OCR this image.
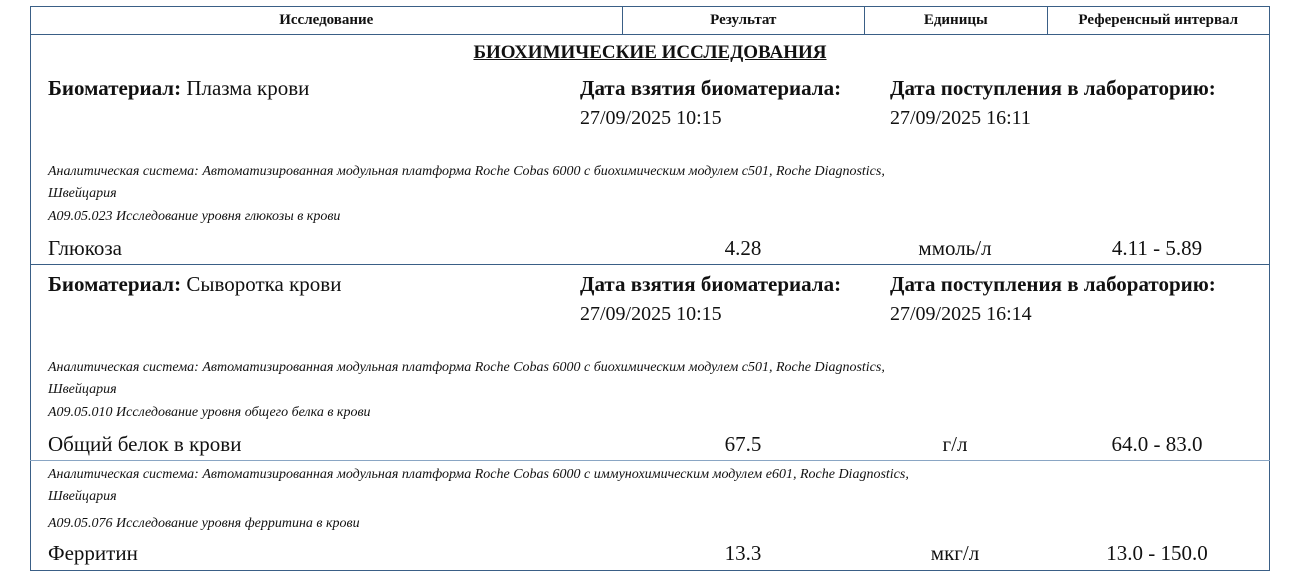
Исследование	Результат	Единицы	Референсный интервал
БИОХИМИЧЕСКИЕ ИССЛЕДОВАНИЯ
Биоматериал: Плазма крови	Дата взятия биоматериала: Дата поступления в лабораторию:
27/09/2025 10:15	27/09/2025 16:11
Аналитическая система: Автоматизированная модульная платформа Roche Cobas 6000 с биохимическим модулем с501, Roche Diagnostics,
Швейцария
A09.05.023 Исследование уровня глюкозы в крови
Глюкоза	4.28	ммоль/л	4.11 - 5.89
Биоматериал: Сыворотка крови	Дата взятия биоматериала: Дата поступления в лабораторию:
27/09/2025 10:15	27/09/2025 16:14
Аналитическая система: Автоматизированная модульная платформа Roche Cobas 6000 с биохимическим модулем с501, Roche Diagnostics,
Швейцария
A09.05.010 Исследование уровня общего белка в крови
Общий белок в крови	67.5	г/л	64.0 - 83.0
Аналитическая система: Автоматизированная модульная платформа Roche Cobas 6000 с иммунохимическим модулем е601, Roche Diagnostics,
Швейцария
A09.05.076 Исследование уровня ферритина в крови
Ферритин	13.3	мкг/л	13.0 - 150.0
